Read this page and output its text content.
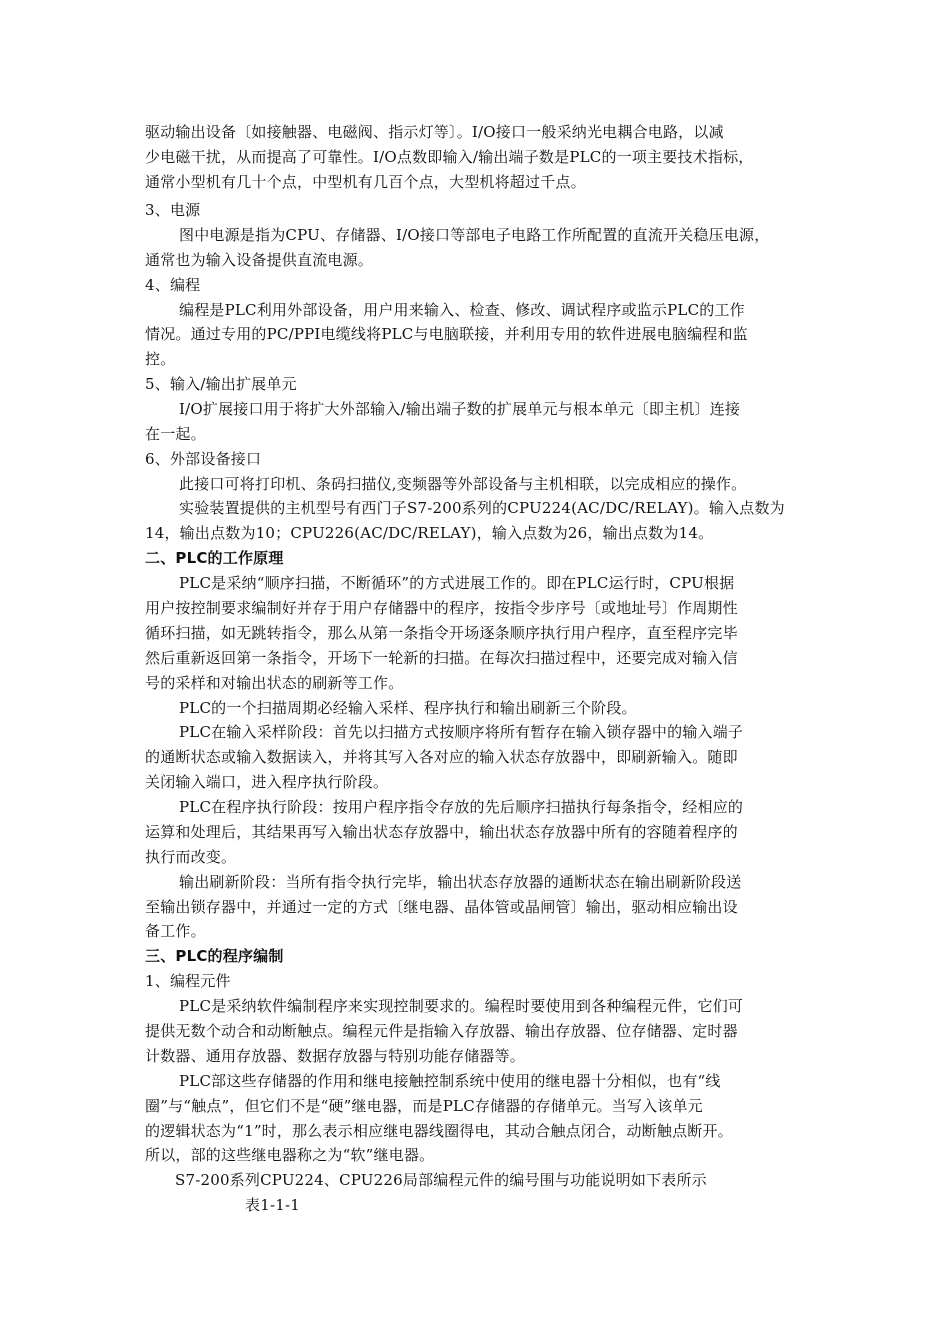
驱动输出设备〔如接触器、电磁阀、指示灯等〕。I/O接口一般采纳光电耦合电路，以减
少电磁干扰，从而提高了可靠性。I/O点数即输入/输出端子数是PLC的一项主要技术指标，
通常小型机有几十个点，中型机有几百个点，大型机将超过千点。
3、电源
图中电源是指为CPU、存储器、I/O接口等部电子电路工作所配置的直流开关稳压电源，
通常也为输入设备提供直流电源。
4、编程
编程是PLC利用外部设备，用户用来输入、检查、修改、调试程序或监示PLC的工作
情况。通过专用的PC/PPI电缆线将PLC与电脑联接，并利用专用的软件进展电脑编程和监
控。
5、输入/输出扩展单元
I/O扩展接口用于将扩大外部输入/输出端子数的扩展单元与根本单元〔即主机〕连接
在一起。
6、外部设备接口
此接口可将打印机、条码扫描仪,变频器等外部设备与主机相联，以完成相应的操作。
实验装置提供的主机型号有西门子S7-200系列的CPU224(AC/DC/RELAY)。输入点数为
14，输出点数为10；CPU226(AC/DC/RELAY)，输入点数为26，输出点数为14。
二、PLC的工作原理
PLC是采纳“顺序扫描，不断循环”的方式进展工作的。即在PLC运行时，CPU根据
用户按控制要求编制好并存于用户存储器中的程序，按指令步序号〔或地址号〕作周期性
循环扫描，如无跳转指令，那么从第一条指令开场逐条顺序执行用户程序，直至程序完毕
然后重新返回第一条指令，开场下一轮新的扫描。在每次扫描过程中，还要完成对输入信
号的采样和对输出状态的刷新等工作。
PLC的一个扫描周期必经输入采样、程序执行和输出刷新三个阶段。
PLC在输入采样阶段：首先以扫描方式按顺序将所有暂存在输入锁存器中的输入端子
的通断状态或输入数据读入，并将其写入各对应的输入状态存放器中，即刷新输入。随即
关闭输入端口，进入程序执行阶段。
PLC在程序执行阶段：按用户程序指令存放的先后顺序扫描执行每条指令，经相应的
运算和处理后，其结果再写入输出状态存放器中，输出状态存放器中所有的容随着程序的
执行而改变。
输出刷新阶段：当所有指令执行完毕，输出状态存放器的通断状态在输出刷新阶段送
至输出锁存器中，并通过一定的方式〔继电器、晶体管或晶闸管〕输出，驱动相应输出设
备工作。
三、PLC的程序编制
1、编程元件
PLC是采纳软件编制程序来实现控制要求的。编程时要使用到各种编程元件，它们可
提供无数个动合和动断触点。编程元件是指输入存放器、输出存放器、位存储器、定时器
计数器、通用存放器、数据存放器与特别功能存储器等。
PLC部这些存储器的作用和继电接触控制系统中使用的继电器十分相似，也有“线
圈”与“触点”，但它们不是“硬”继电器，而是PLC存储器的存储单元。当写入该单元
的逻辑状态为“1”时，那么表示相应继电器线圈得电，其动合触点闭合，动断触点断开。
所以，部的这些继电器称之为“软”继电器。
S7-200系列CPU224、CPU226局部编程元件的编号围与功能说明如下表所示
表1-1-1
